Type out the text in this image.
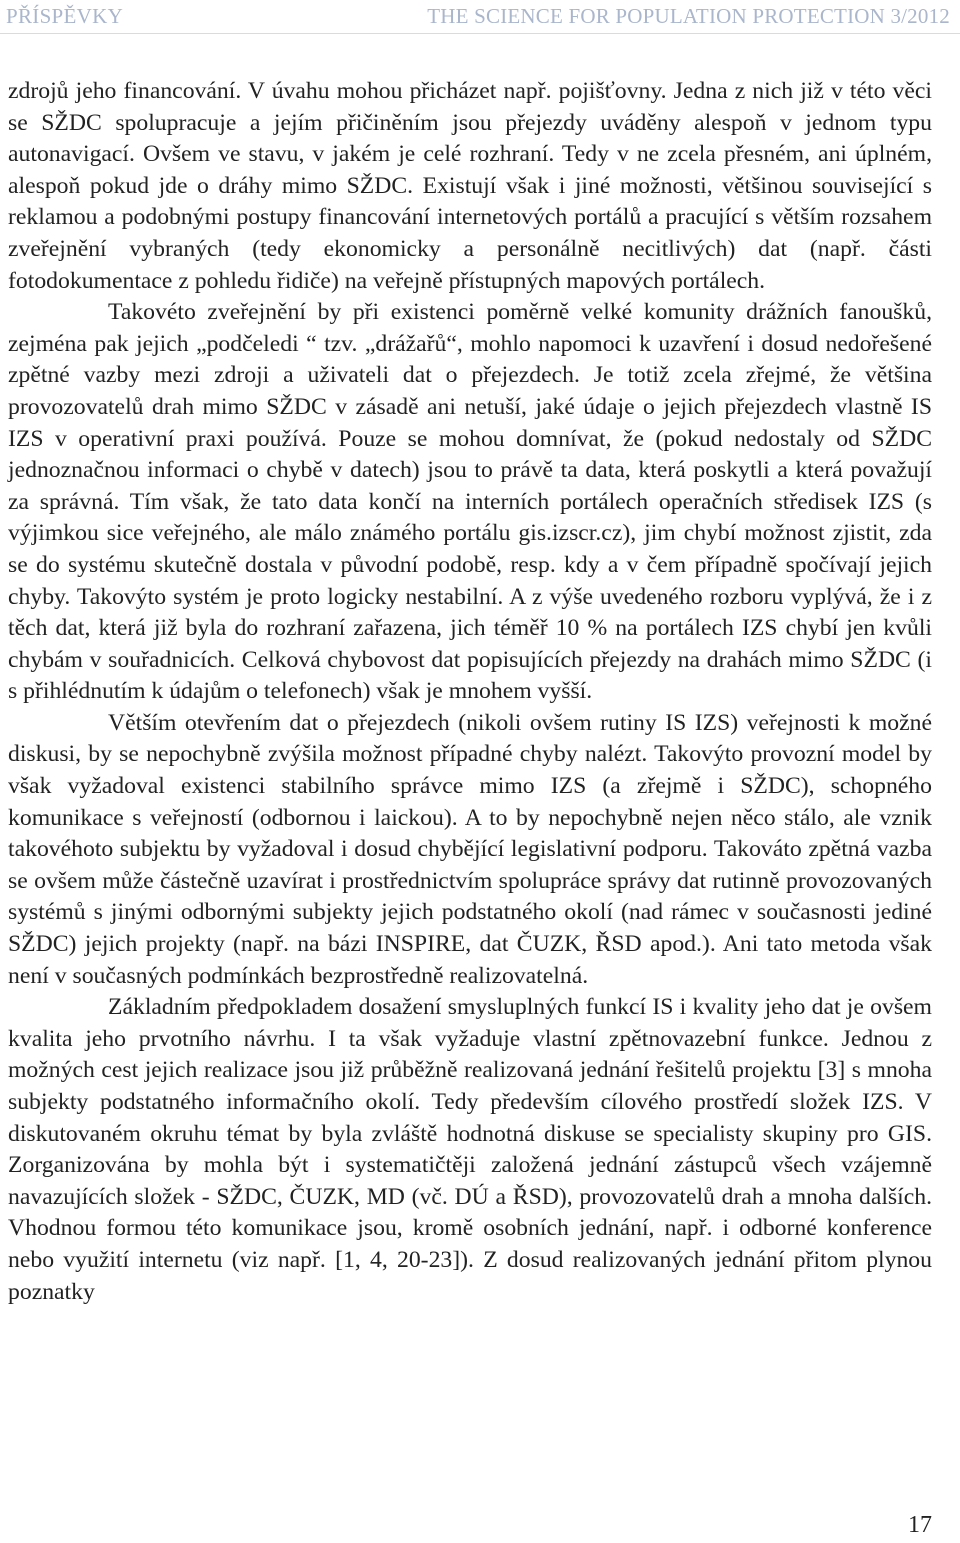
PŘÍSPĚVKY	THE SCIENCE FOR POPULATION PROTECTION 3/2012

zdrojů jeho financování. V úvahu mohou přicházet např. pojišťovny. Jedna z nich již v této věci se SŽDC spolupracuje a jejím přičiněním jsou přejezdy uváděny alespoň v jednom typu autonavigací. Ovšem ve stavu, v jakém je celé rozhraní. Tedy v ne zcela přesném, ani úplném, alespoň pokud jde o dráhy mimo SŽDC. Existují však i jiné možnosti, většinou související s reklamou a podobnými postupy financování internetových portálů a pracující s větším rozsahem zveřejnění vybraných (tedy ekonomicky a personálně necitlivých) dat (např. části fotodokumentace z pohledu řidiče) na veřejně přístupných mapových portálech.

Takovéto zveřejnění by při existenci poměrně velké komunity drážních fanoušků, zejména pak jejich „podčeledi “ tzv. „drážařů“, mohlo napomoci k uzavření i dosud nedořešené zpětné vazby mezi zdroji a uživateli dat o přejezdech. Je totiž zcela zřejmé, že většina provozovatelů drah mimo SŽDC v zásadě ani netuší, jaké údaje o jejich přejezdech vlastně IS IZS v operativní praxi používá. Pouze se mohou domnívat, že (pokud nedostaly od SŽDC jednoznačnou informaci o chybě v datech) jsou to právě ta data, která poskytli a která považují za správná. Tím však, že tato data končí na interních portálech operačních středisek IZS (s výjimkou sice veřejného, ale málo známého portálu gis.izscr.cz), jim chybí možnost zjistit, zda se do systému skutečně dostala v původní podobě, resp. kdy a v čem případně spočívají jejich chyby. Takovýto systém je proto logicky nestabilní. A z výše uvedeného rozboru vyplývá, že i z těch dat, která již byla do rozhraní zařazena, jich téměř 10 % na portálech IZS chybí jen kvůli chybám v souřadnicích. Celková chybovost dat popisujících přejezdy na drahách mimo SŽDC (i s přihlédnutím k údajům o telefonech) však je mnohem vyšší.

Větším otevřením dat o přejezdech (nikoli ovšem rutiny IS IZS) veřejnosti k možné diskusi, by se nepochybně zvýšila možnost případné chyby nalézt. Takovýto provozní model by však vyžadoval existenci stabilního správce mimo IZS (a zřejmě i SŽDC), schopného komunikace s veřejností (odbornou i laickou). A to by nepochybně nejen něco stálo, ale vznik takovéhoto subjektu by vyžadoval i dosud chybějící legislativní podporu. Takováto zpětná vazba se ovšem může částečně uzavírat i prostřednictvím spolupráce správy dat rutinně provozovaných systémů s jinými odbornými subjekty jejich podstatného okolí (nad rámec v současnosti jediné SŽDC) jejich projekty (např. na bázi INSPIRE, dat ČUZK, ŘSD apod.). Ani tato metoda však není v současných podmínkách bezprostředně realizovatelná.

Základním předpokladem dosažení smysluplných funkcí IS i kvality jeho dat je ovšem kvalita jeho prvotního návrhu. I ta však vyžaduje vlastní zpětnovazební funkce. Jednou z možných cest jejich realizace jsou již průběžně realizovaná jednání řešitelů projektu [3] s mnoha subjekty podstatného informačního okolí. Tedy především cílového prostředí složek IZS. V diskutovaném okruhu témat by byla zvláště hodnotná diskuse se specialisty skupiny pro GIS. Zorganizována by mohla být i systematičtěji založená jednání zástupců všech vzájemně navazujících složek - SŽDC, ČUZK, MD (vč. DÚ a ŘSD), provozovatelů drah a mnoha dalších. Vhodnou formou této komunikace jsou, kromě osobních jednání, např. i odborné konference nebo využití internetu (viz např. [1, 4, 20-23]). Z dosud realizovaných jednání přitom plynou poznatky

17
